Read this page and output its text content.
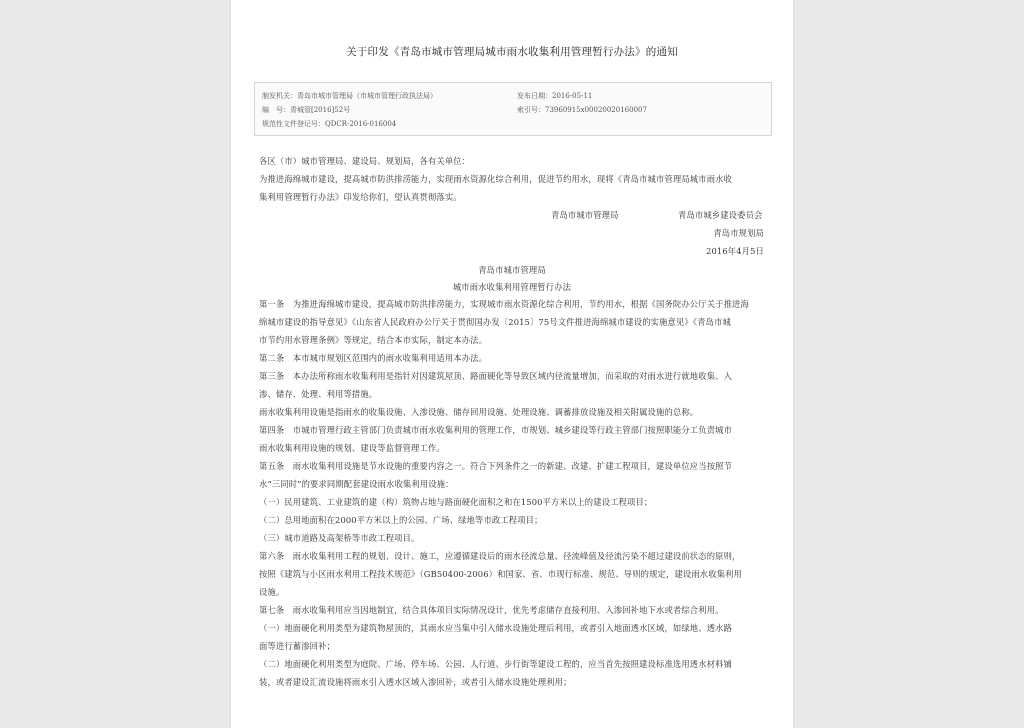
关于印发《青岛市城市管理局城市雨水收集利用管理暂行办法》的通知
制发机关：青岛市城市管理局（市城市管理行政执法局）	发布日期：2016-05-11
编　号：青城管[2016]52号	索引号：73960915x00020020160007
规范性文件登记号：QDCR-2016-016004
各区（市）城市管理局、建设局、规划局，各有关单位：
为推进海绵城市建设，提高城市防洪排涝能力，实现雨水资源化综合利用，促进节约用水，现将《青岛市城市管理局城市雨水收
集利用管理暂行办法》印发给你们，望认真贯彻落实。
青岛市城市管理局	青岛市城乡建设委员会
青岛市规划局
2016年4月5日
青岛市城市管理局
城市雨水收集利用管理暂行办法
第一条　为推进海绵城市建设，提高城市防洪排涝能力，实现城市雨水资源化综合利用，节约用水，根据《国务院办公厅关于推进海
绵城市建设的指导意见》《山东省人民政府办公厅关于贯彻国办发〔2015〕75号文件推进海绵城市建设的实施意见》《青岛市城
市节约用水管理条例》等规定，结合本市实际，制定本办法。
第二条　本市城市规划区范围内的雨水收集利用适用本办法。
第三条　本办法所称雨水收集利用是指针对因建筑屋顶、路面硬化等导致区域内径流量增加，而采取的对雨水进行就地收集、入
渗、储存、处理、利用等措施。
雨水收集利用设施是指雨水的收集设施、入渗设施、储存回用设施、处理设施、调蓄排放设施及相关附属设施的总称。
第四条　市城市管理行政主管部门负责城市雨水收集利用的管理工作，市规划、城乡建设等行政主管部门按照职能分工负责城市
雨水收集利用设施的规划、建设等监督管理工作。
第五条　雨水收集利用设施是节水设施的重要内容之一。符合下列条件之一的新建、改建、扩建工程项目，建设单位应当按照节
水“三同时”的要求同期配套建设雨水收集利用设施：
（一）民用建筑、工业建筑的建（构）筑物占地与路面硬化面积之和在1500平方米以上的建设工程项目；
（二）总用地面积在2000平方米以上的公园、广场、绿地等市政工程项目；
（三）城市道路及高架桥等市政工程项目。
第六条　雨水收集利用工程的规划、设计、施工，应遵循建设后的雨水径流总量、径流峰值及径流污染不超过建设前状态的原则，
按照《建筑与小区雨水利用工程技术规范》（GB50400-2006）和国家、省、市现行标准、规范、导则的规定，建设雨水收集利用
设施。
第七条　雨水收集利用应当因地制宜，结合具体项目实际情况设计，优先考虑储存直接利用、入渗回补地下水或者综合利用。
（一）地面硬化利用类型为建筑物屋顶的，其雨水应当集中引入储水设施处理后利用，或者引入地面透水区域，如绿地、透水路
面等进行蓄渗回补；
（二）地面硬化利用类型为庭院、广场、停车场、公园、人行道、步行街等建设工程的，应当首先按照建设标准选用透水材料铺
装，或者建设汇流设施将雨水引入透水区域入渗回补，或者引入储水设施处理利用；
